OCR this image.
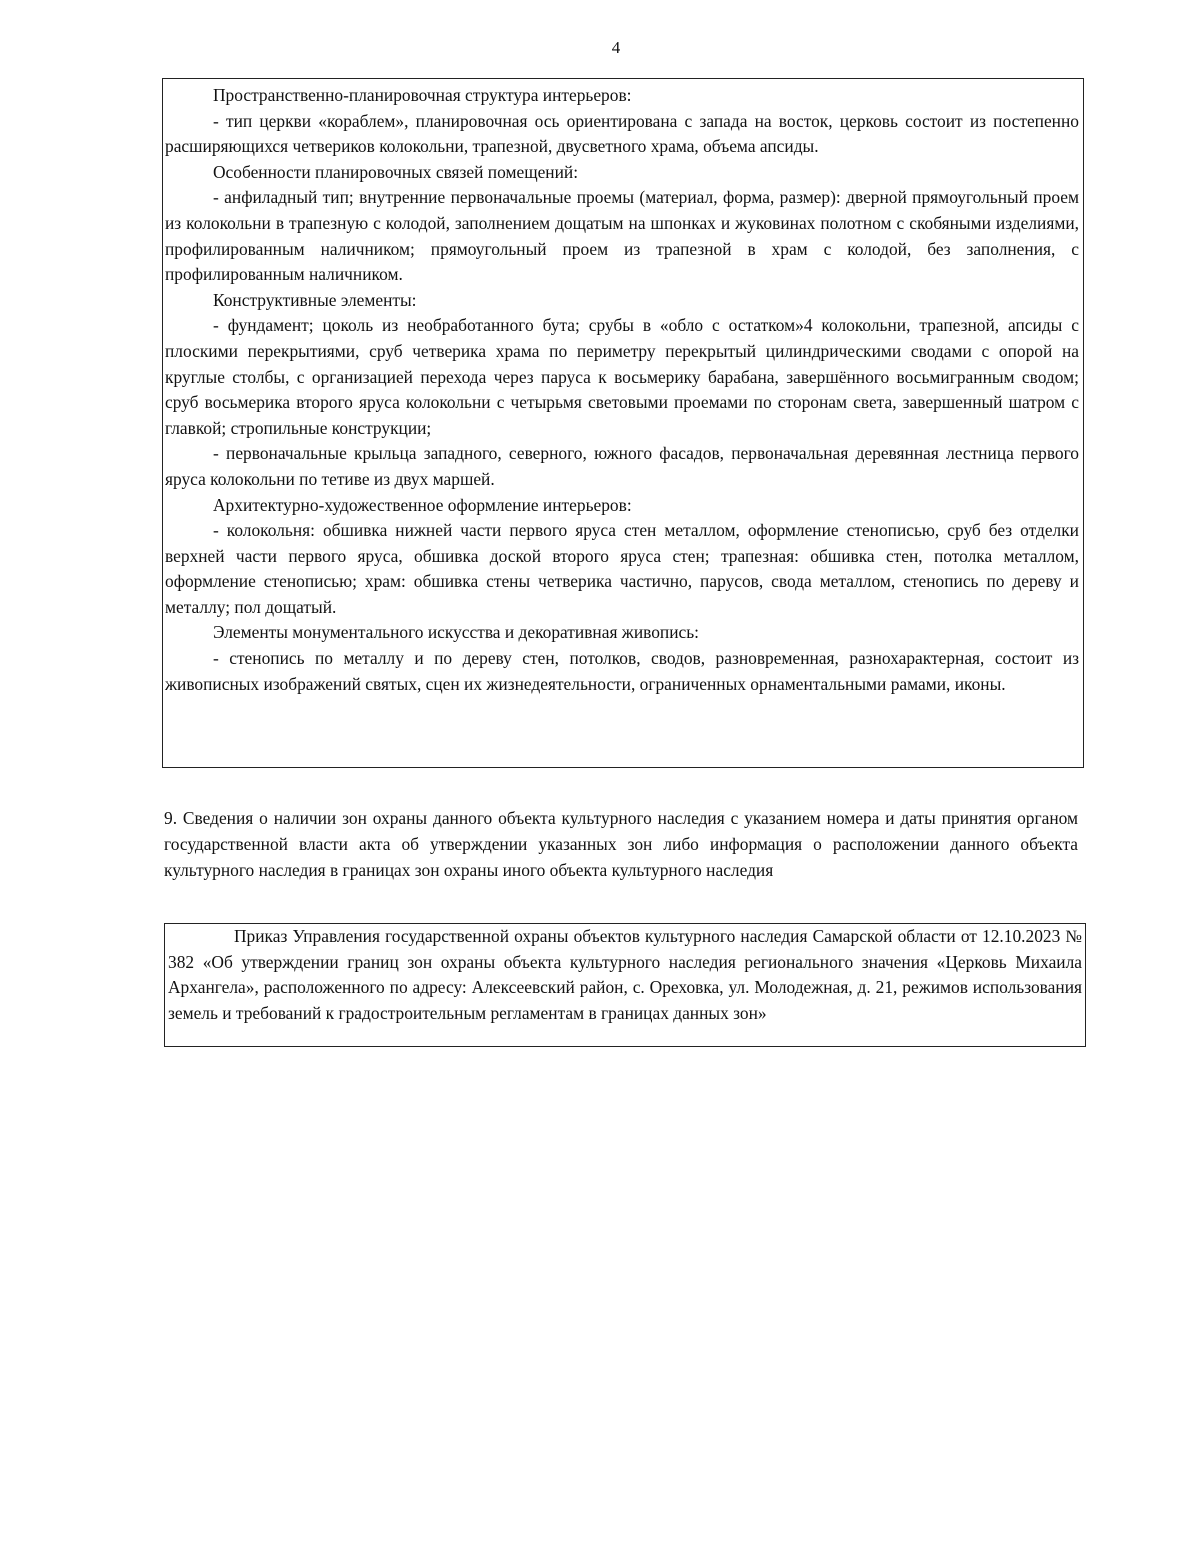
4

Пространственно-планировочная структура интерьеров:

- тип церкви «кораблем», планировочная ось ориентирована с запада на восток, церковь состоит из постепенно расширяющихся четвериков колокольни, трапезной, двусветного храма, объема апсиды.

Особенности планировочных связей помещений:

- анфиладный тип; внутренние первоначальные проемы (материал, форма, размер): дверной прямоугольный проем из колокольни в трапезную с колодой, заполнением дощатым на шпонках и жуковинах полотном с скобяными изделиями, профилированным наличником; прямоугольный проем из трапезной в храм с колодой, без заполнения, с профилированным наличником.

Конструктивные элементы:

- фундамент; цоколь из необработанного бута; срубы в «обло с остатком»4 колокольни, трапезной, апсиды с плоскими перекрытиями, сруб четверика храма по периметру перекрытый цилиндрическими сводами с опорой на круглые столбы, с организацией перехода через паруса к восьмерику барабана, завершённого восьмигранным сводом; сруб восьмерика второго яруса колокольни с четырьмя световыми проемами по сторонам света, завершенный шатром с главкой; стропильные конструкции;

- первоначальные крыльца западного, северного, южного фасадов, первоначальная деревянная лестница первого яруса колокольни по тетиве из двух маршей.

Архитектурно-художественное оформление интерьеров:

- колокольня: обшивка нижней части первого яруса стен металлом, оформление стенописью, сруб без отделки верхней части первого яруса, обшивка доской второго яруса стен; трапезная: обшивка стен, потолка металлом, оформление стенописью; храм: обшивка стены четверика частично, парусов, свода металлом, стенопись по дереву и металлу; пол дощатый.

Элементы монументального искусства и декоративная живопись:

- стенопись по металлу и по дереву стен, потолков, сводов, разновременная, разнохарактерная, состоит из живописных изображений святых, сцен их жизнедеятельности, ограниченных орнаментальными рамами, иконы.

9. Сведения о наличии зон охраны данного объекта культурного наследия с указанием номера и даты принятия органом государственной власти акта об утверждении указанных зон либо информация о расположении данного объекта культурного наследия в границах зон охраны иного объекта культурного наследия

Приказ Управления государственной охраны объектов культурного наследия Самарской области от 12.10.2023 № 382 «Об утверждении границ зон охраны объекта культурного наследия регионального значения «Церковь Михаила Архангела», расположенного по адресу: Алексеевский район, с. Ореховка, ул. Молодежная, д. 21, режимов использования земель и требований к градостроительным регламентам в границах данных зон»
